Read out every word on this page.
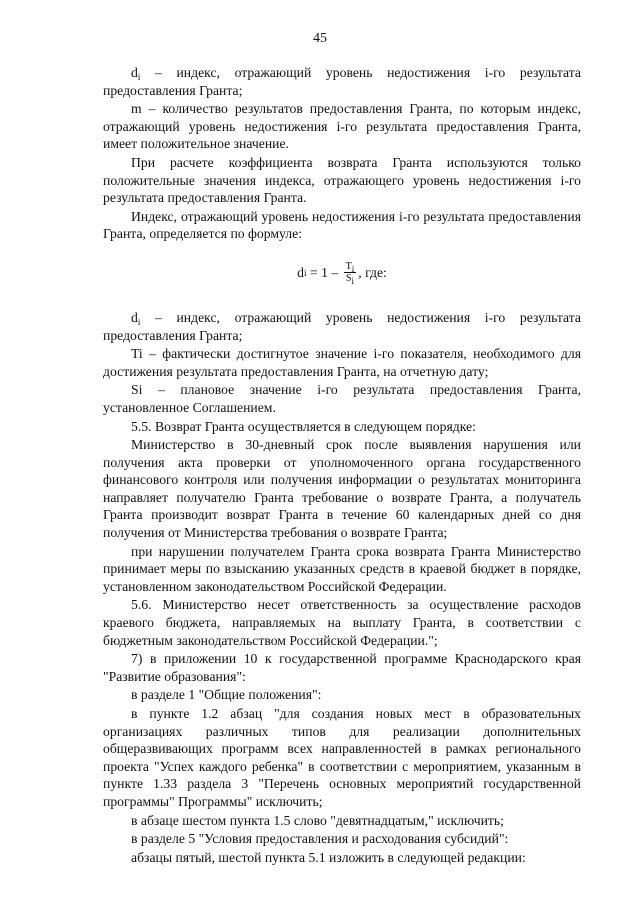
45

$d_i$ – индекс, отражающий уровень недостижения i-го результата предоставления Гранта;

m – количество результатов предоставления Гранта, по которым индекс, отражающий уровень недостижения i-го результата предоставления Гранта, имеет положительное значение.

При расчете коэффициента возврата Гранта используются только положительные значения индекса, отражающего уровень недостижения i-го результата предоставления Гранта.

Индекс, отражающий уровень недостижения i-го результата предоставления Гранта, определяется по формуле:

d $i = 1 - \frac{T_i}{S_i}$ , где:

$d_i$ – индекс, отражающий уровень недостижения i-го результата предоставления Гранта;

Ti – фактически достигнутое значение i-го показателя, необходимого для достижения результата предоставления Гранта, на отчетную дату;

Si – плановое значение i-го результата предоставления Гранта, установленное Соглашением.

5.5. Возврат Гранта осуществляется в следующем порядке:

Министерство в 30-дневный срок после выявления нарушения или получения акта проверки от уполномоченного органа государственного финансового контроля или получения информации о результатах мониторинга направляет получателю Гранта требование о возврате Гранта, а получатель Гранта производит возврат Гранта в течение 60 календарных дней со дня получения от Министерства требования о возврате Гранта;

при нарушении получателем Гранта срока возврата Гранта Министерство принимает меры по взысканию указанных средств в краевой бюджет в порядке, установленном законодательством Российской Федерации.

5.6. Министерство несет ответственность за осуществление расходов краевого бюджета, направляемых на выплату Гранта, в соответствии с бюджетным законодательством Российской Федерации.";

7) в приложении 10 к государственной программе Краснодарского края "Развитие образования":

в разделе 1 "Общие положения":

в пункте 1.2 абзац "для создания новых мест в образовательных организациях различных типов для реализации дополнительных общеразвивающих программ всех направленностей в рамках регионального проекта "Успех каждого ребенка" в соответствии с мероприятием, указанным в пункте 1.33 раздела 3 "Перечень основных мероприятий государственной программы" Программы" исключить;

в абзаце шестом пункта 1.5 слово "девятнадцатым," исключить;

в разделе 5 "Условия предоставления и расходования субсидий":

абзацы пятый, шестой пункта 5.1 изложить в следующей редакции:
